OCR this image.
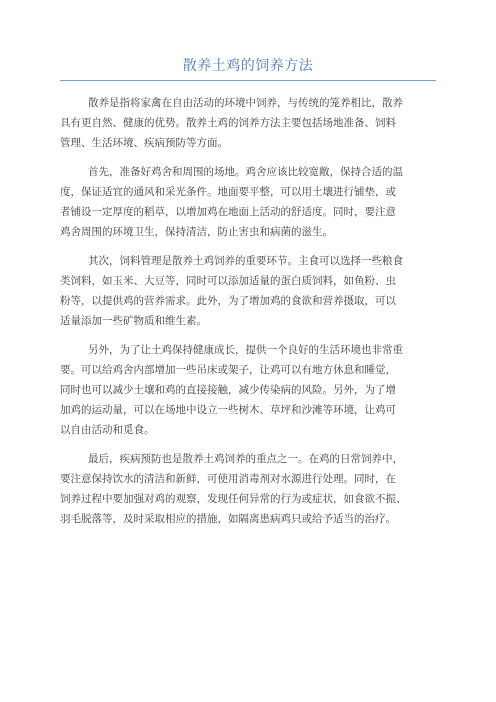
散养土鸡的饲养方法

散养是指将家禽在自由活动的环境中饲养，与传统的笼养相比，散养
具有更自然、健康的优势。散养土鸡的饲养方法主要包括场地准备、饲料
管理、生活环境、疾病预防等方面。

首先，准备好鸡舍和周围的场地。鸡舍应该比较宽敞，保持合适的温
度，保证适宜的通风和采光条件。地面要平整，可以用土壤进行铺垫，或
者铺设一定厚度的稻草，以增加鸡在地面上活动的舒适度。同时，要注意
鸡舍周围的环境卫生，保持清洁，防止害虫和病菌的滋生。

其次，饲料管理是散养土鸡饲养的重要环节。主食可以选择一些粮食
类饲料，如玉米、大豆等，同时可以添加适量的蛋白质饲料，如鱼粉、虫
粉等，以提供鸡的营养需求。此外，为了增加鸡的食欲和营养摄取，可以
适量添加一些矿物质和维生素。

另外，为了让土鸡保持健康成长，提供一个良好的生活环境也非常重
要。可以给鸡舍内部增加一些吊床或架子，让鸡可以有地方休息和睡觉，
同时也可以减少土壤和鸡的直接接触，减少传染病的风险。另外，为了增
加鸡的运动量，可以在场地中设立一些树木、草坪和沙滩等环境，让鸡可
以自由活动和觅食。

最后，疾病预防也是散养土鸡饲养的重点之一。在鸡的日常饲养中，
要注意保持饮水的清洁和新鲜，可使用消毒剂对水源进行处理。同时，在
饲养过程中要加强对鸡的观察，发现任何异常的行为或症状，如食欲不振、
羽毛脱落等，及时采取相应的措施，如隔离患病鸡只或给予适当的治疗。
